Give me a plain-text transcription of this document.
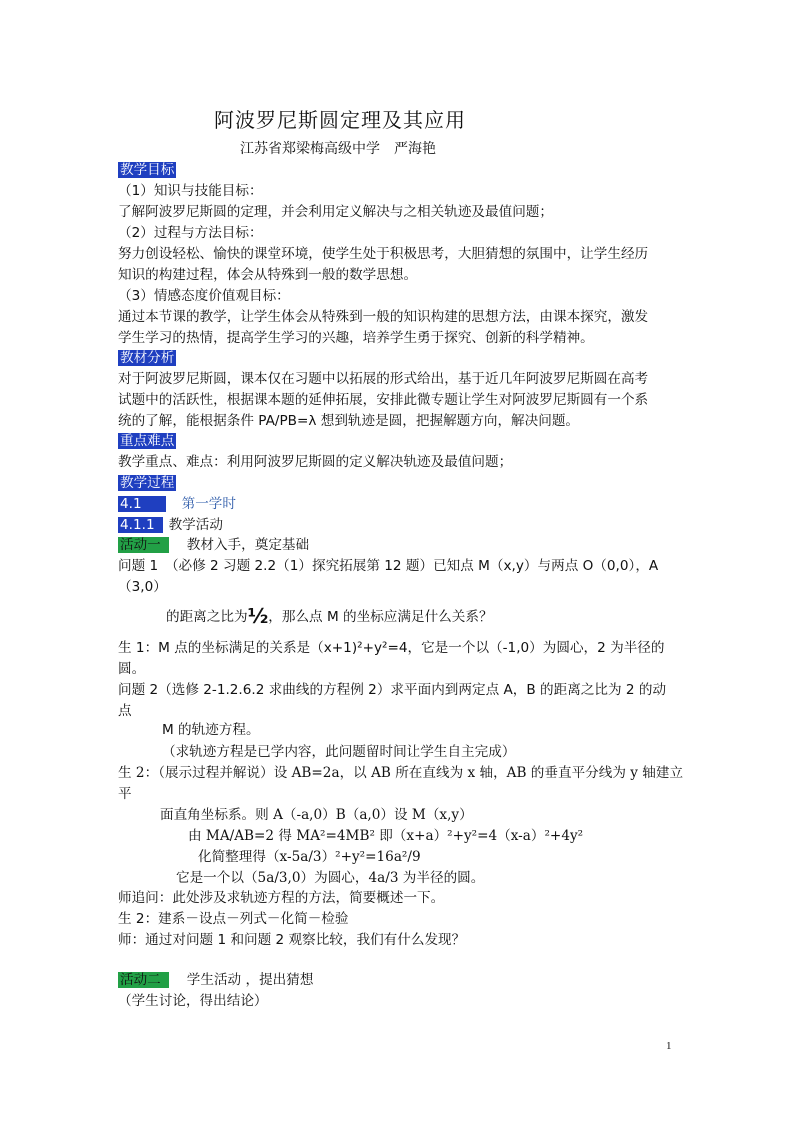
阿波罗尼斯圆定理及其应用
江苏省郑梁梅高级中学　严海艳
教学目标
（1）知识与技能目标：
了解阿波罗尼斯圆的定理，并会利用定义解决与之相关轨迹及最值问题；
（2）过程与方法目标：
努力创设轻松、愉快的课堂环境，使学生处于积极思考，大胆猜想的氛围中，让学生经历
知识的构建过程，体会从特殊到一般的数学思想。
（3）情感态度价值观目标：
通过本节课的教学，让学生体会从特殊到一般的知识构建的思想方法，由课本探究，激发
学生学习的热情，提高学生学习的兴趣，培养学生勇于探究、创新的科学精神。
教材分析
对于阿波罗尼斯圆，课本仅在习题中以拓展的形式给出，基于近几年阿波罗尼斯圆在高考
试题中的活跃性，根据课本题的延伸拓展，安排此微专题让学生对阿波罗尼斯圆有一个系
统的了解，能根据条件 PA/PB=λ 想到轨迹是圆，把握解题方向，解决问题。
重点难点
教学重点、难点：利用阿波罗尼斯圆的定义解决轨迹及最值问题；
教学过程
4.1	第一学时
4.1.1 教学活动
活动一 教材入手，奠定基础
问题 1　（必修 2 习题 2.2（1）探究拓展第 12 题）已知点 M（x,y）与两点 O（0,0），A
（3,0）
的距离之比为½，那么点 M 的坐标应满足什么关系？
生 1：M 点的坐标满足的关系是（x+1)²+y²=4，它是一个以（-1,0）为圆心，2 为半径的
圆。
问题 2（选修 2-1.2.6.2 求曲线的方程例 2）求平面内到两定点 A，B 的距离之比为 2 的动
点
M 的轨迹方程。
（求轨迹方程是已学内容，此问题留时间让学生自主完成）
生 2：（展示过程并解说）设 AB=2a，以 AB 所在直线为 x 轴，AB 的垂直平分线为 y 轴建立
平
面直角坐标系。则 A（-a,0）B（a,0）设 M（x,y）
由 MA/AB=2 得 MA²=4MB² 即（x+a）²+y²=4（x-a）²+4y²
化简整理得（x-5a/3）²+y²=16a²/9
它是一个以（5a/3,0）为圆心，4a/3 为半径的圆。
师追问：此处涉及求轨迹方程的方法，简要概述一下。
生 2：建系－设点－列式－化简－检验
师：通过对问题 1 和问题 2 观察比较，我们有什么发现？
活动二 学生活动 ，提出猜想
（学生讨论，得出结论）
1
